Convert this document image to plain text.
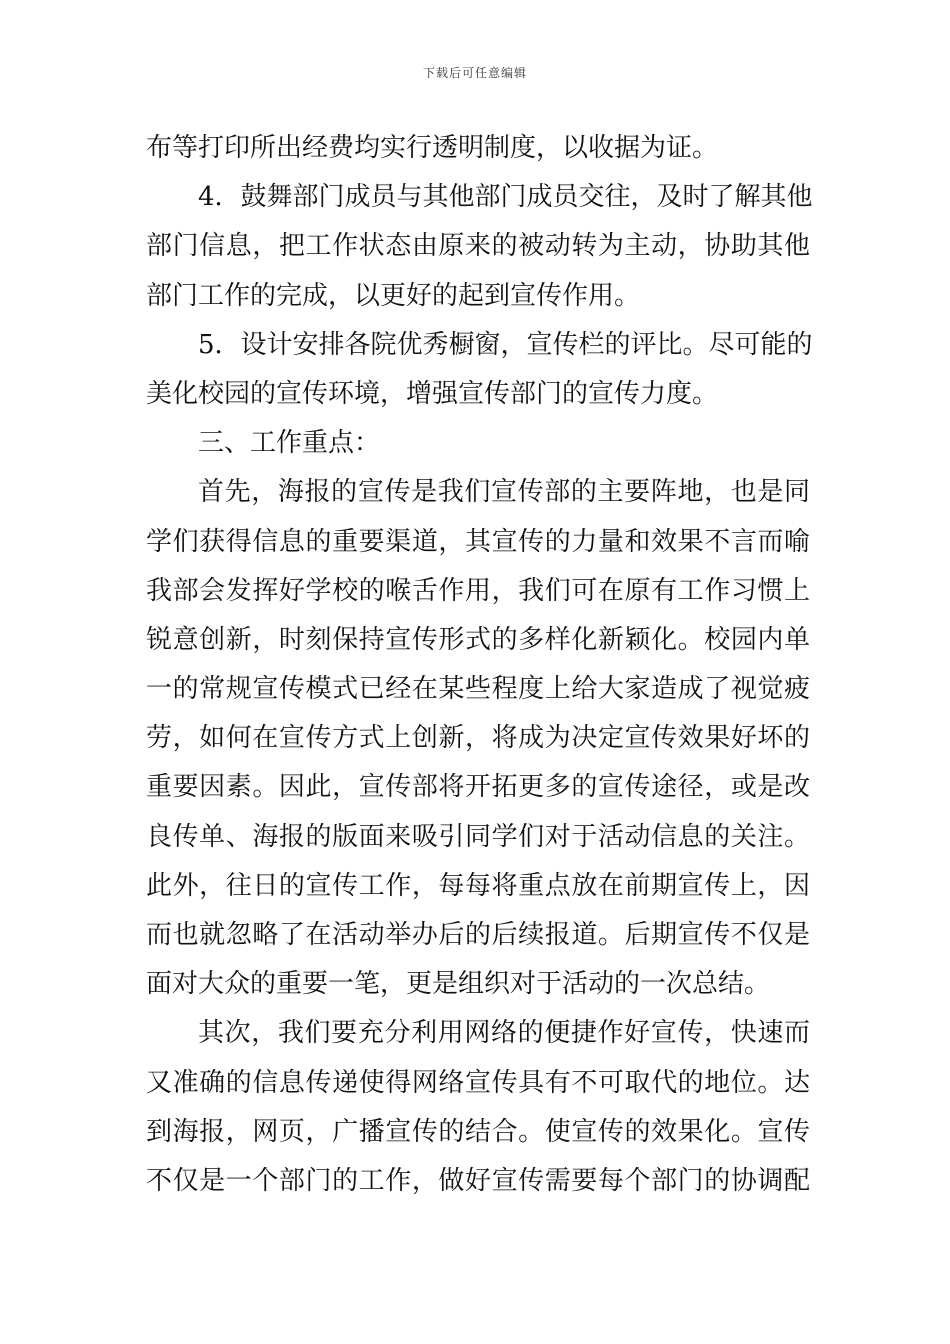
下载后可任意编辑
布等打印所出经费均实行透明制度，以收据为证。
4．鼓舞部门成员与其他部门成员交往，及时了解其他
部门信息，把工作状态由原来的被动转为主动，协助其他
部门工作的完成，以更好的起到宣传作用。
5．设计安排各院优秀橱窗，宣传栏的评比。尽可能的
美化校园的宣传环境，增强宣传部门的宣传力度。
三、工作重点：
首先，海报的宣传是我们宣传部的主要阵地，也是同
学们获得信息的重要渠道，其宣传的力量和效果不言而喻
我部会发挥好学校的喉舌作用，我们可在原有工作习惯上
锐意创新，时刻保持宣传形式的多样化新颖化。校园内单
一的常规宣传模式已经在某些程度上给大家造成了视觉疲
劳，如何在宣传方式上创新，将成为决定宣传效果好坏的
重要因素。因此，宣传部将开拓更多的宣传途径，或是改
良传单、海报的版面来吸引同学们对于活动信息的关注。
此外，往日的宣传工作，每每将重点放在前期宣传上，因
而也就忽略了在活动举办后的后续报道。后期宣传不仅是
面对大众的重要一笔，更是组织对于活动的一次总结。
其次，我们要充分利用网络的便捷作好宣传，快速而
又准确的信息传递使得网络宣传具有不可取代的地位。达
到海报，网页，广播宣传的结合。使宣传的效果化。宣传
不仅是一个部门的工作，做好宣传需要每个部门的协调配
